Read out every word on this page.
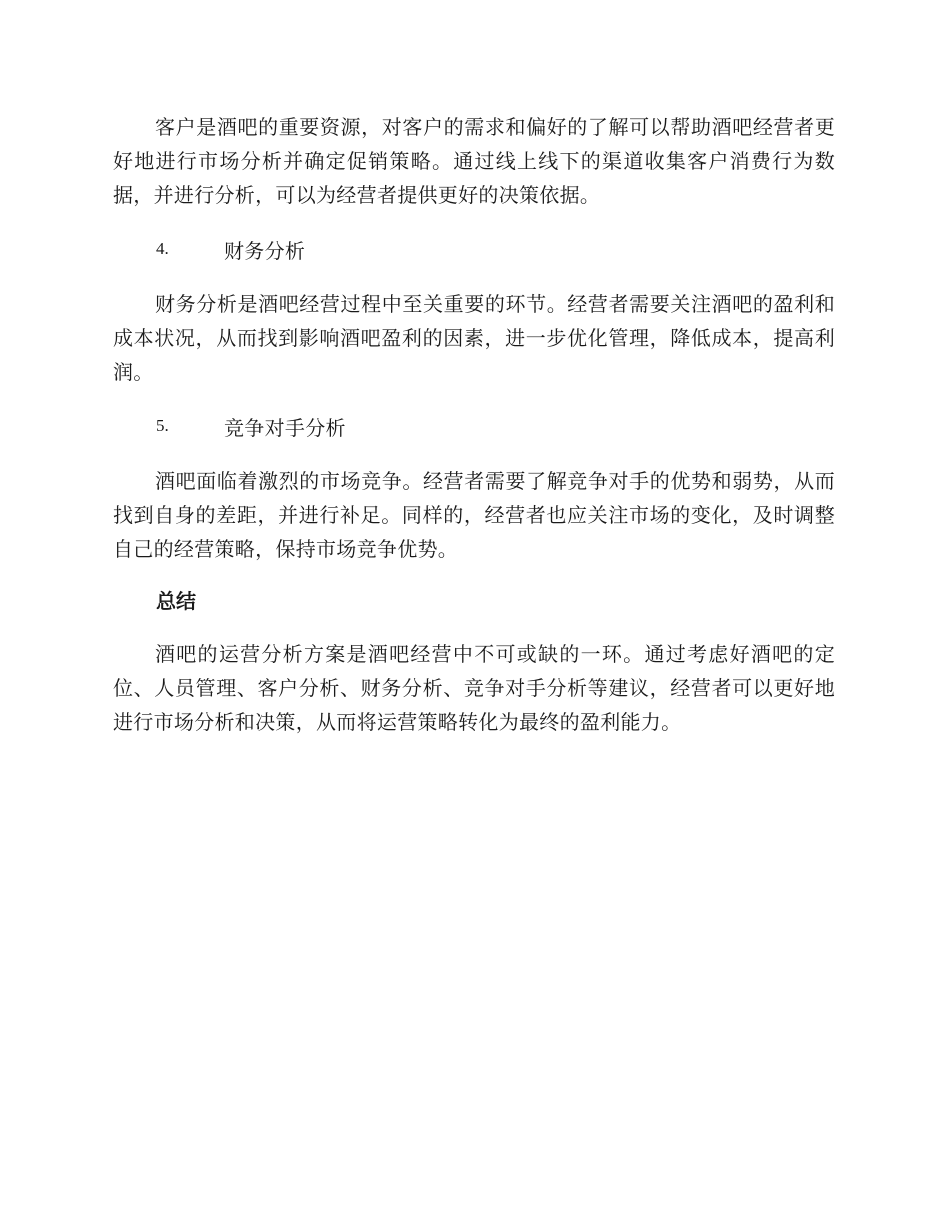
客户是酒吧的重要资源，对客户的需求和偏好的了解可以帮助酒吧经营者更好地进行市场分析并确定促销策略。通过线上线下的渠道收集客户消费行为数据，并进行分析，可以为经营者提供更好的决策依据。

4.	财务分析

财务分析是酒吧经营过程中至关重要的环节。经营者需要关注酒吧的盈利和成本状况，从而找到影响酒吧盈利的因素，进一步优化管理，降低成本，提高利润。

5.	竞争对手分析

酒吧面临着激烈的市场竞争。经营者需要了解竞争对手的优势和弱势，从而找到自身的差距，并进行补足。同样的，经营者也应关注市场的变化，及时调整自己的经营策略，保持市场竞争优势。

总结

酒吧的运营分析方案是酒吧经营中不可或缺的一环。通过考虑好酒吧的定位、人员管理、客户分析、财务分析、竞争对手分析等建议，经营者可以更好地进行市场分析和决策，从而将运营策略转化为最终的盈利能力。
